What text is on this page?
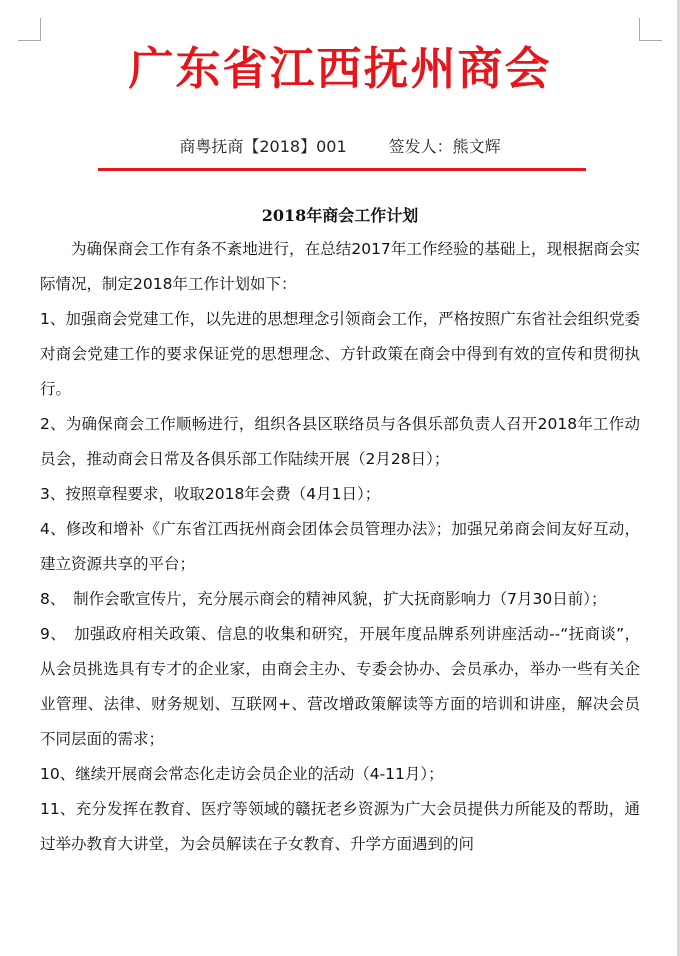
广东省江西抚州商会
商粤抚商【2018】001	签发人：熊文辉
2018年商会工作计划

为确保商会工作有条不紊地进行，在总结2017年工作经验的基础上，现根据商会实际情况，制定2018年工作计划如下：

1、加强商会党建工作，以先进的思想理念引领商会工作，严格按照广东省社会组织党委对商会党建工作的要求保证党的思想理念、方针政策在商会中得到有效的宣传和贯彻执行。

2、为确保商会工作顺畅进行，组织各县区联络员与各俱乐部负责人召开2018年工作动员会，推动商会日常及各俱乐部工作陆续开展（2月28日）；

3、按照章程要求，收取2018年会费（4月1日）；

4、修改和增补《广东省江西抚州商会团体会员管理办法》；加强兄弟商会间友好互动，建立资源共享的平台；

8、　制作会歌宣传片，充分展示商会的精神风貌，扩大抚商影响力（7月30日前）；

9、　加强政府相关政策、信息的收集和研究，开展年度品牌系列讲座活动--“抚商谈”，从会员挑选具有专才的企业家，由商会主办、专委会协办、会员承办，举办一些有关企业管理、法律、财务规划、互联网+、营改增政策解读等方面的培训和讲座，解决会员不同层面的需求；

10、继续开展商会常态化走访会员企业的活动（4-11月）；

11、充分发挥在教育、医疗等领域的赣抚老乡资源为广大会员提供力所能及的帮助，通过举办教育大讲堂，为会员解读在子女教育、升学方面遇到的问
